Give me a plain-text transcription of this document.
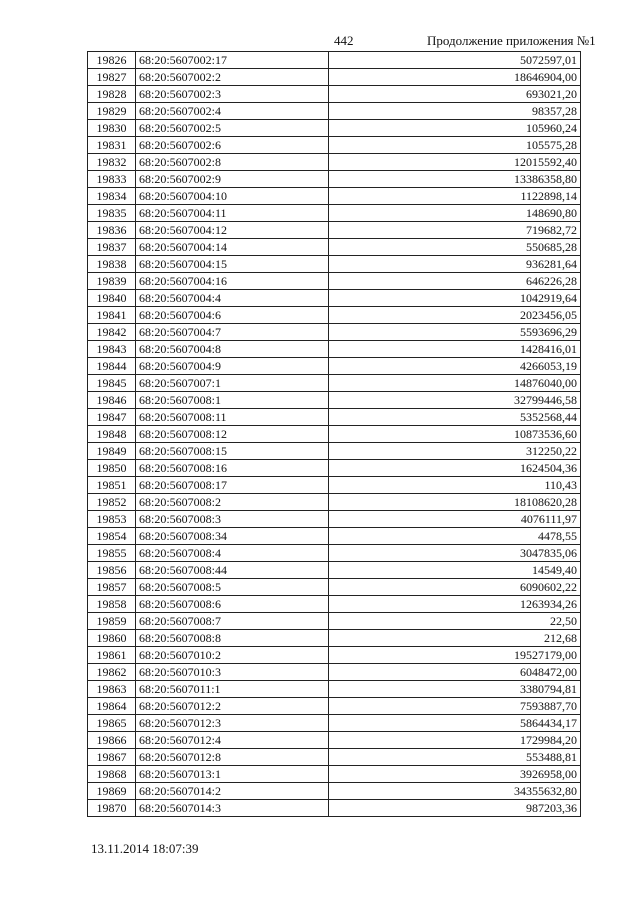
442	Продолжение приложения №1
19826	68:20:5607002:17	5072597,01
19827	68:20:5607002:2	18646904,00
19828	68:20:5607002:3	693021,20
19829	68:20:5607002:4	98357,28
19830	68:20:5607002:5	105960,24
19831	68:20:5607002:6	105575,28
19832	68:20:5607002:8	12015592,40
19833	68:20:5607002:9	13386358,80
19834	68:20:5607004:10	1122898,14
19835	68:20:5607004:11	148690,80
19836	68:20:5607004:12	719682,72
19837	68:20:5607004:14	550685,28
19838	68:20:5607004:15	936281,64
19839	68:20:5607004:16	646226,28
19840	68:20:5607004:4	1042919,64
19841	68:20:5607004:6	2023456,05
19842	68:20:5607004:7	5593696,29
19843	68:20:5607004:8	1428416,01
19844	68:20:5607004:9	4266053,19
19845	68:20:5607007:1	14876040,00
19846	68:20:5607008:1	32799446,58
19847	68:20:5607008:11	5352568,44
19848	68:20:5607008:12	10873536,60
19849	68:20:5607008:15	312250,22
19850	68:20:5607008:16	1624504,36
19851	68:20:5607008:17	110,43
19852	68:20:5607008:2	18108620,28
19853	68:20:5607008:3	4076111,97
19854	68:20:5607008:34	4478,55
19855	68:20:5607008:4	3047835,06
19856	68:20:5607008:44	14549,40
19857	68:20:5607008:5	6090602,22
19858	68:20:5607008:6	1263934,26
19859	68:20:5607008:7	22,50
19860	68:20:5607008:8	212,68
19861	68:20:5607010:2	19527179,00
19862	68:20:5607010:3	6048472,00
19863	68:20:5607011:1	3380794,81
19864	68:20:5607012:2	7593887,70
19865	68:20:5607012:3	5864434,17
19866	68:20:5607012:4	1729984,20
19867	68:20:5607012:8	553488,81
19868	68:20:5607013:1	3926958,00
19869	68:20:5607014:2	34355632,80
19870	68:20:5607014:3	987203,36
13.11.2014 18:07:39
